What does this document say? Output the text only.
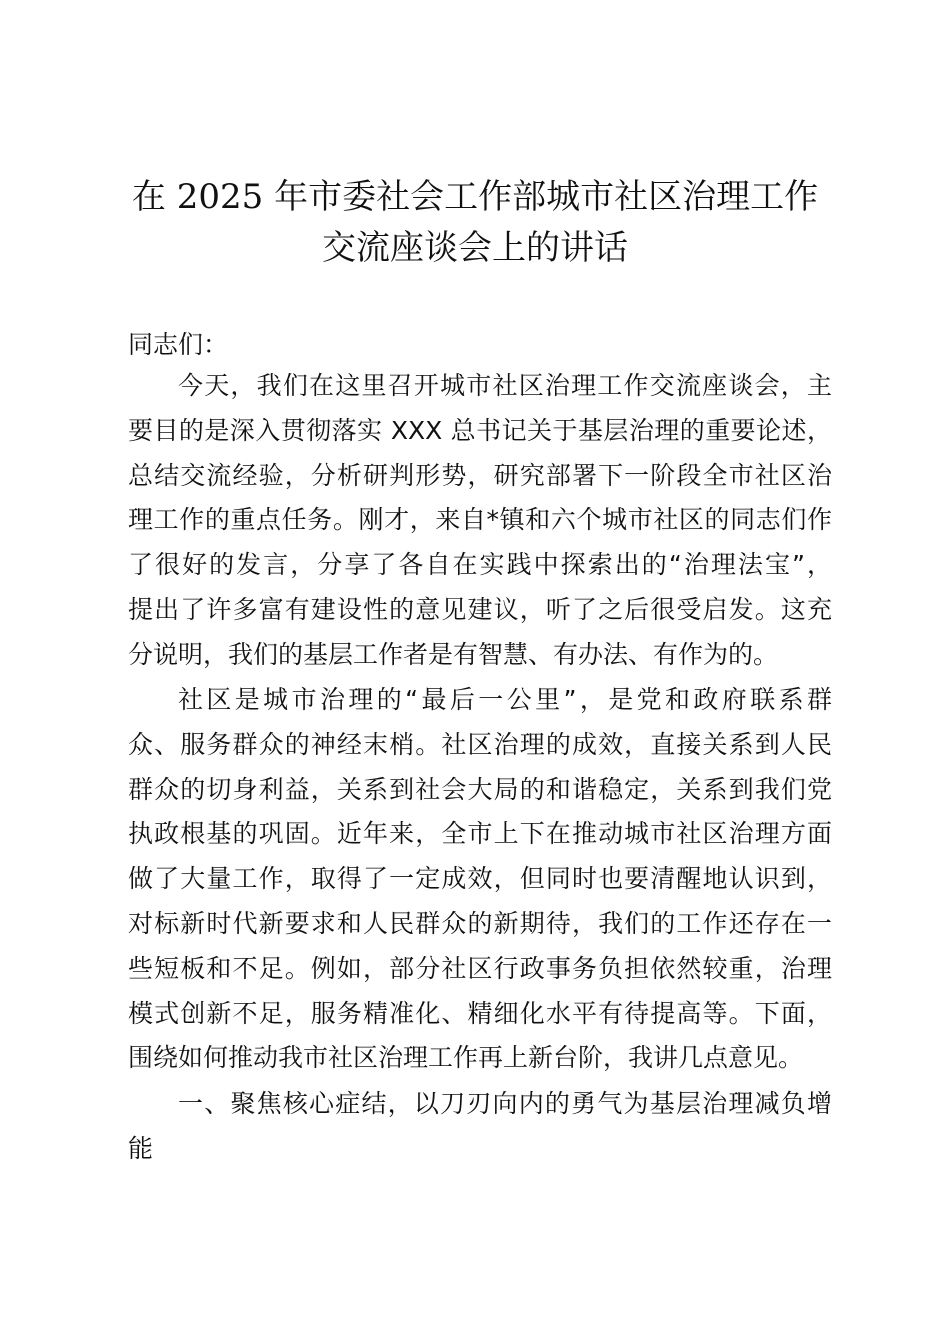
在 2025 年市委社会工作部城市社区治理工作
交流座谈会上的讲话
同志们：
今天，我们在这里召开城市社区治理工作交流座谈会，主
要目的是深入贯彻落实 XXX 总书记关于基层治理的重要论述，
总结交流经验，分析研判形势，研究部署下一阶段全市社区治
理工作的重点任务。刚才，来自*镇和六个城市社区的同志们作
了很好的发言，分享了各自在实践中探索出的“治理法宝”，
提出了许多富有建设性的意见建议，听了之后很受启发。这充
分说明，我们的基层工作者是有智慧、有办法、有作为的。
社区是城市治理的“最后一公里”，是党和政府联系群
众、服务群众的神经末梢。社区治理的成效，直接关系到人民
群众的切身利益，关系到社会大局的和谐稳定，关系到我们党
执政根基的巩固。近年来，全市上下在推动城市社区治理方面
做了大量工作，取得了一定成效，但同时也要清醒地认识到，
对标新时代新要求和人民群众的新期待，我们的工作还存在一
些短板和不足。例如，部分社区行政事务负担依然较重，治理
模式创新不足，服务精准化、精细化水平有待提高等。下面，
围绕如何推动我市社区治理工作再上新台阶，我讲几点意见。
一、聚焦核心症结，以刀刃向内的勇气为基层治理减负增
能
